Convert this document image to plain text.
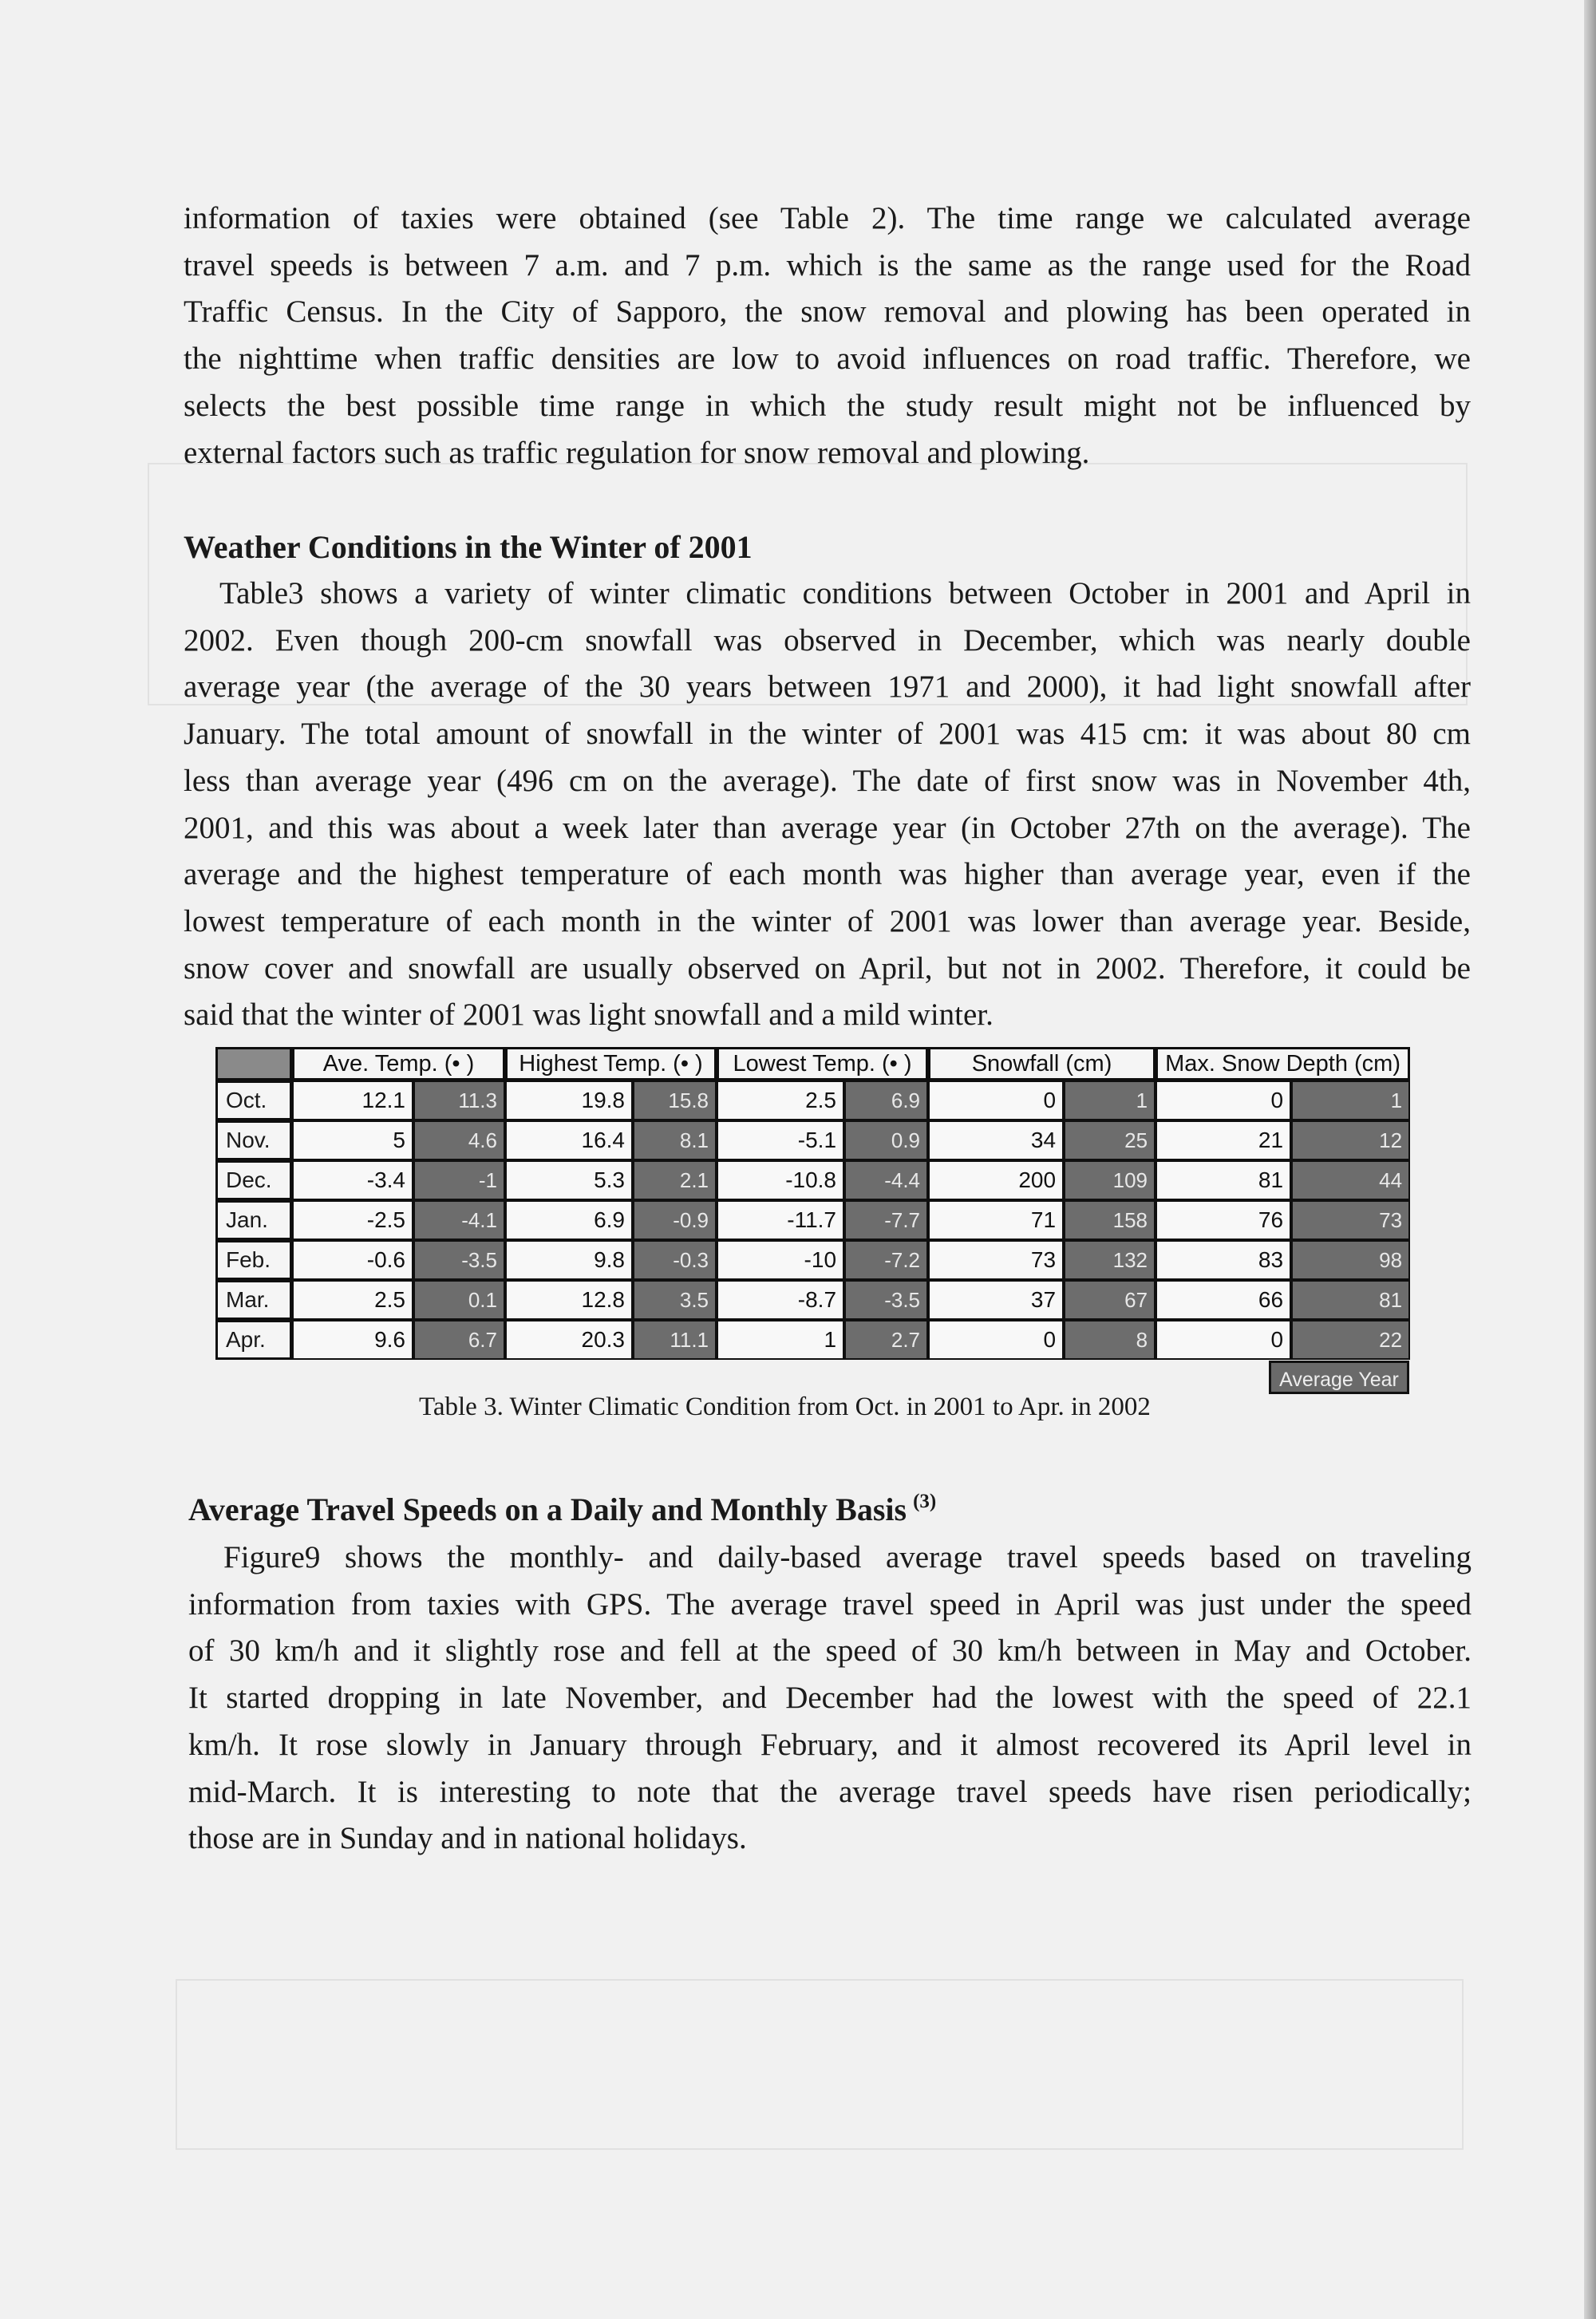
information of taxies were obtained (see Table 2). The time range we calculated average
travel speeds is between 7 a.m. and 7 p.m. which is the same as the range used for the Road
Traffic Census. In the City of Sapporo, the snow removal and plowing has been operated in
the nighttime when traffic densities are low to avoid influences on road traffic. Therefore, we
selects the best possible time range in which the study result might not be influenced by
external factors such as traffic regulation for snow removal and plowing.
Weather Conditions in the Winter of 2001
Table3 shows a variety of winter climatic conditions between October in 2001 and April in
2002. Even though 200-cm snowfall was observed in December, which was nearly double
average year (the average of the 30 years between 1971 and 2000), it had light snowfall after
January. The total amount of snowfall in the winter of 2001 was 415 cm: it was about 80 cm
less than average year (496 cm on the average). The date of first snow was in November 4th,
2001, and this was about a week later than average year (in October 27th on the average). The
average and the highest temperature of each month was higher than average year, even if the
lowest temperature of each month in the winter of 2001 was lower than average year. Beside,
snow cover and snowfall are usually observed on April, but not in 2002. Therefore, it could be
said that the winter of 2001 was light snowfall and a mild winter.
	Ave. Temp. (• )		Highest Temp. (• )		Lowest Temp. (• )		Snowfall (cm)		Max. Snow Depth (cm)	
Oct.	12.1	11.3	19.8	15.8	2.5	6.9	0	1	0	1
Nov.	5	4.6	16.4	8.1	-5.1	0.9	34	25	21	12
Dec.	-3.4	-1	5.3	2.1	-10.8	-4.4	200	109	81	44
Jan.	-2.5	-4.1	6.9	-0.9	-11.7	-7.7	71	158	76	73
Feb.	-0.6	-3.5	9.8	-0.3	-10	-7.2	73	132	83	98
Mar.	2.5	0.1	12.8	3.5	-8.7	-3.5	37	67	66	81
Apr.	9.6	6.7	20.3	11.1	1	2.7	0	8	0	22
Average Year
Table 3. Winter Climatic Condition from Oct. in 2001 to Apr. in 2002
Average Travel Speeds on a Daily and Monthly Basis $^{(3)}$
Figure9 shows the monthly- and daily-based average travel speeds based on traveling
information from taxies with GPS. The average travel speed in April was just under the speed
of 30 km/h and it slightly rose and fell at the speed of 30 km/h between in May and October.
It started dropping in late November, and December had the lowest with the speed of 22.1
km/h. It rose slowly in January through February, and it almost recovered its April level in
mid-March. It is interesting to note that the average travel speeds have risen periodically;
those are in Sunday and in national holidays.
